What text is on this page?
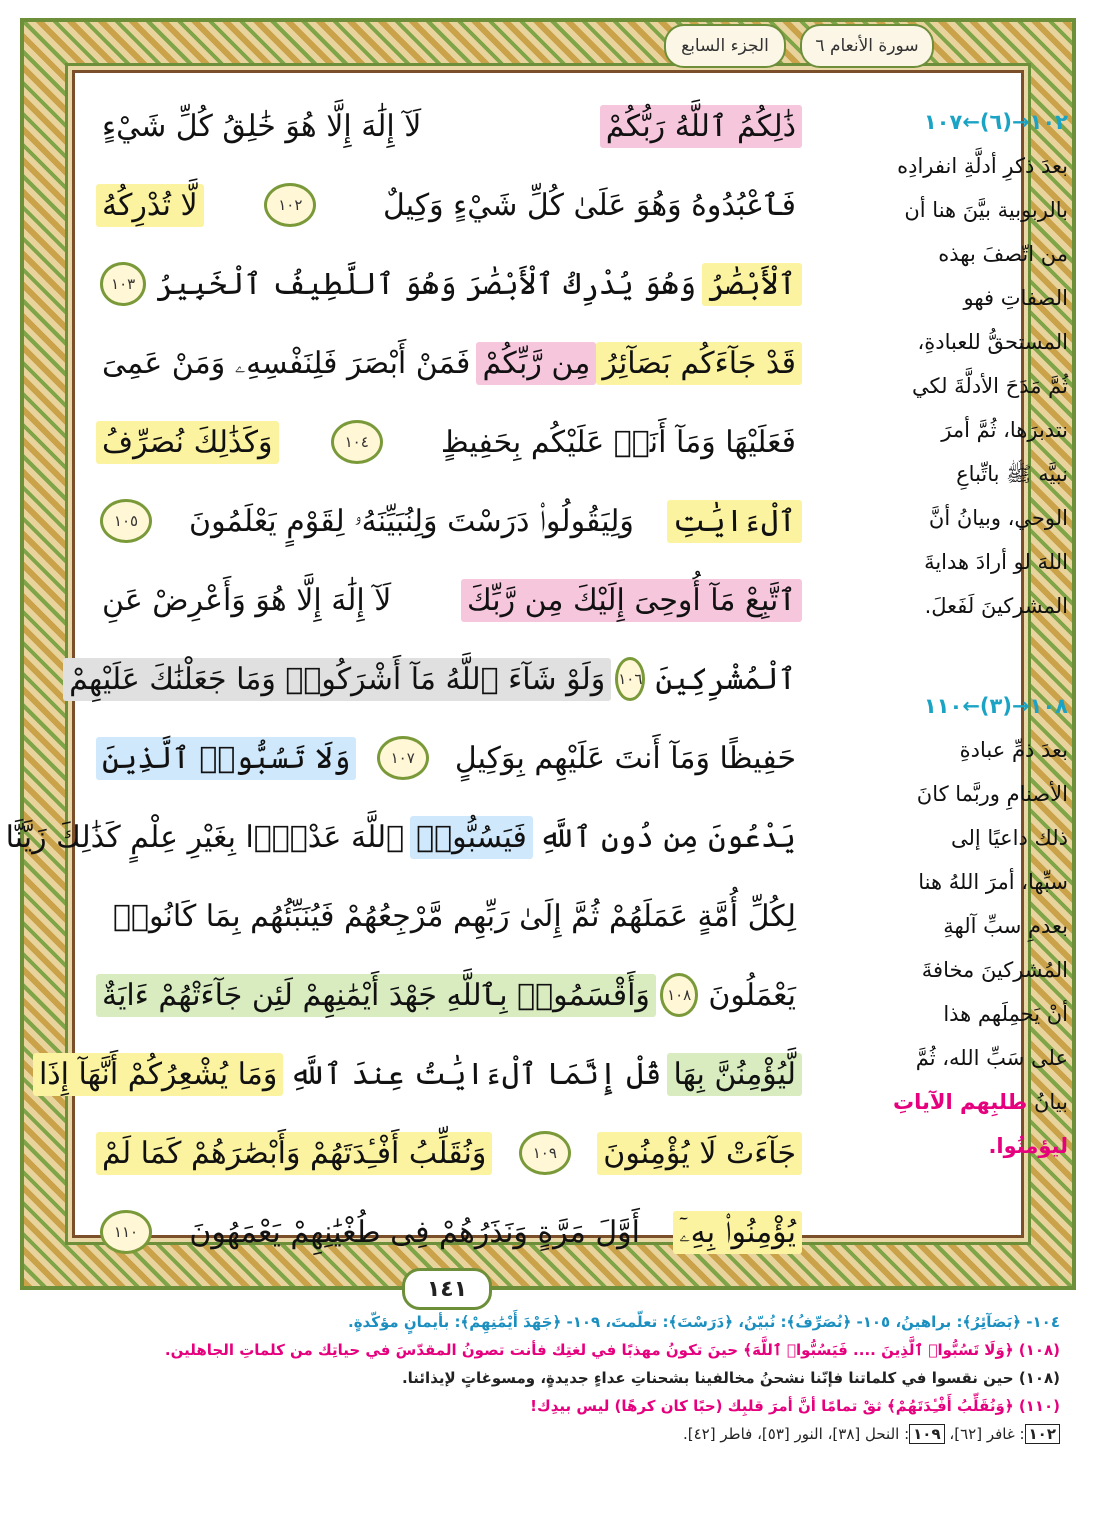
الجزء السابع	سورة الأنعام ٦
ذَٰلِكُمُ ٱللَّهُ رَبُّكُمْ
لَآ إِلَٰهَ إِلَّا هُوَ خَٰلِقُ كُلِّ شَيْءٍ
فَٱعْبُدُوهُ وَهُوَ عَلَىٰ كُلِّ شَيْءٍ وَكِيلٌ
١٠٢
لَّا تُدْرِكُهُ
ٱلْأَبْصَٰرُ
وَهُوَ يُدْرِكُ ٱلْأَبْصَٰرَ وَهُوَ ٱللَّطِيفُ ٱلْخَبِيرُ
١٠٣
قَدْ جَآءَكُم بَصَآئِرُ
مِن رَّبِّكُمْ
فَمَنْ أَبْصَرَ فَلِنَفْسِهِۦ وَمَنْ عَمِىَ
فَعَلَيْهَا وَمَآ أَنَا۠ عَلَيْكُم بِحَفِيظٍ
١٠٤
وَكَذَٰلِكَ نُصَرِّفُ
ٱلْءَايَٰتِ
وَلِيَقُولُوا۟ دَرَسْتَ وَلِنُبَيِّنَهُۥ لِقَوْمٍ يَعْلَمُونَ
١٠٥
ٱتَّبِعْ مَآ أُوحِىَ إِلَيْكَ مِن رَّبِّكَ
لَآ إِلَٰهَ إِلَّا هُوَ وَأَعْرِضْ عَنِ
ٱلْمُشْرِكِينَ
١٠٦
وَلَوْ شَآءَ ٱللَّهُ مَآ أَشْرَكُوا۟ وَمَا جَعَلْنَٰكَ عَلَيْهِمْ
حَفِيظًا وَمَآ أَنتَ عَلَيْهِم بِوَكِيلٍ
١٠٧
وَلَا تَسُبُّوا۟ ٱلَّذِينَ
يَدْعُونَ مِن دُونِ ٱللَّهِ
فَيَسُبُّوا۟
ٱللَّهَ عَدْوًۢا بِغَيْرِ عِلْمٍ كَذَٰلِكَ زَيَّنَّا
لِكُلِّ أُمَّةٍ عَمَلَهُمْ ثُمَّ إِلَىٰ رَبِّهِم مَّرْجِعُهُمْ فَيُنَبِّئُهُم بِمَا كَانُوا۟
يَعْمَلُونَ
١٠٨
وَأَقْسَمُوا۟ بِٱللَّهِ جَهْدَ أَيْمَٰنِهِمْ لَئِن جَآءَتْهُمْ ءَايَةٌ
لَّيُؤْمِنُنَّ بِهَا
قُلْ إِنَّمَا ٱلْءَايَٰتُ عِندَ ٱللَّهِ
وَمَا يُشْعِرُكُمْ أَنَّهَآ إِذَا
جَآءَتْ لَا يُؤْمِنُونَ
١٠٩
وَنُقَلِّبُ أَفْـِٔدَتَهُمْ وَأَبْصَٰرَهُمْ كَمَا لَمْ
يُؤْمِنُوا۟ بِهِۦٓ
أَوَّلَ مَرَّةٍ وَنَذَرُهُمْ فِى طُغْيَٰنِهِمْ يَعْمَهُونَ
١١٠
١٤١
١٠٢→(٦)←١٠٧
بعدَ ذكرِ أدلَّةِ انفرادِه
بالربوبية بيَّنَ هنا أن
من اتّصفَ بهذه
الصفاتِ فهو
المستحقُّ للعبادةِ،
ثُمَّ مَدَحَ الأدلَّةَ لكي
نتدبرَها، ثُمَّ أمرَ
نبيَّه ﷺ باتِّباعِ
الوحي، وبيانُ أنَّ
اللهَ لو أرادَ هدايةَ
المشركينَ لَفَعلَ.
١٠٨→(٣)←١١٠
بعدَ ذمِّ عبادةِ
الأصنامِ وربَّما كانَ
ذلك داعيًا إلى
سبِّها، أمرَ اللهُ هنا
بعدمِ سبِّ آلهةِ
المُشركينَ مخافةَ
أنْ يَحمِلَهم هذا
على سَبِّ الله، ثُمَّ
بيانُ طلبِهم الآياتِ
ليؤمنُوا.
١٠٤- ﴿بَصَآئِرُ﴾: براهينُ، ١٠٥- ﴿نُصَرِّفُ﴾: نُبيّنُ، ﴿دَرَسْتَ﴾: تعلّمتَ، ١٠٩- ﴿جَهْدَ أَيْمَٰنِهِمْ﴾: بأيمانٍ مؤكّدةٍ.
(١٠٨) ﴿وَلَا تَسُبُّوا۟ ٱلَّذِينَ .... فَيَسُبُّوا۟ ٱللَّهَ﴾ حينَ تكونُ مهذبًا في لغتِك فأنت تصونُ المقدّسَ في حياتِك من كلماتِ الجاهلين.
(١٠٨) حين نقسوا في كلماتنا فإنّنا نشحنُ مخالفينا بشحناتِ عداءٍ جديدةٍ، ومسوغاتٍ لإيذائنا.
(١١٠) ﴿وَنُقَلِّبُ أَفْـِٔدَتَهُمْ﴾ ثقْ تمامًا أنَّ أمرَ قلبِك (حبًا كان كرهًا) ليس بيدِك!
١٠٢: غافر [٦٢]، ١٠٩: النحل [٣٨]، النور [٥٣]، فاطر [٤٢].
